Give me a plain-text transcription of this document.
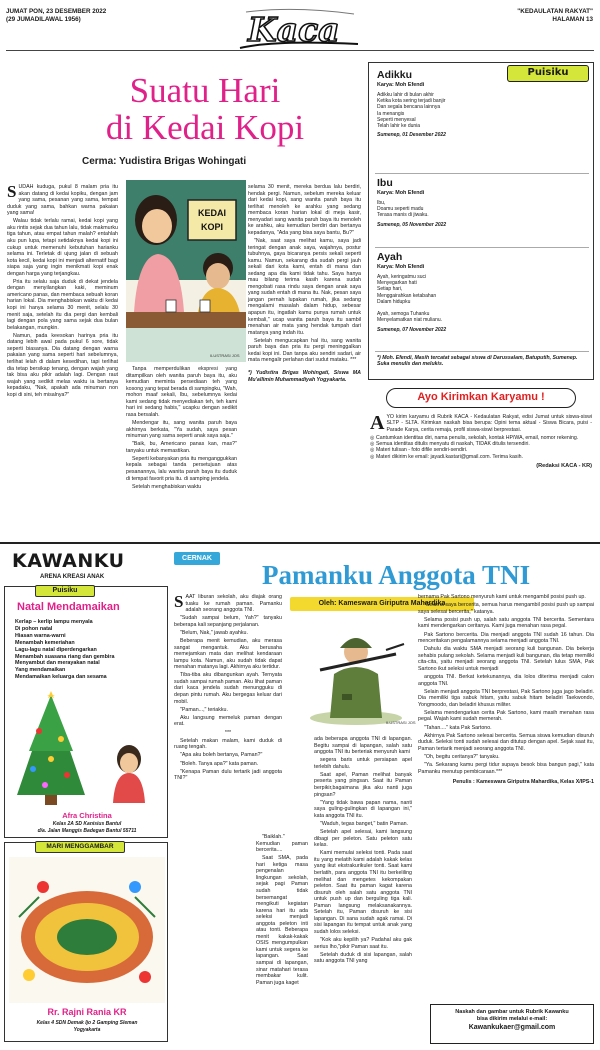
JUMAT PON, 23 DESEMBER 2022
(29 JUMADILAWAL 1956)	Kaca	"KEDAULATAN RAKYAT"
HALAMAN 13
Suatu Hari
di Kedai Kopi
Cerma: Yudistira Brigas Wohingati

SUDAH kuduga, pukul 8 malam pria itu akan datang di kedai kopiku, dengan jam yang sama, pesanan yang sama, tempat duduk yang sama, bahkan warna pakaian yang sama!

Walau tidak terlalu ramai, kedai kopi yang aku rintis sejak dua tahun lalu, tidak makmurku tiga tahun, atau empat tahun malah? entahlah aku pun lupa, tetapi setidaknya kedai kopi ini cukup untuk memenuhi kebutuhan harianku selama ini. Terletak di ujung jalan di sebuah kota kecil, kedai kopi ini menjadi alternatif bagi siapa saja yang ingin menikmati kopi enak dengan harga yang terjangkau.

Pria itu selalu saja duduk di dekat jendela dengan menyilangkan kaki, meminum americano panas, dan membaca sebuah koran harian lokal. Dia menghabiskan waktu di kedai kopi ini hanya selama 30 menit, selalu 30 menit saja, setelah itu dia pergi dan kembali lagi dengan pola yang sama sejak dua bulan belakangan, mungkin.

Namun, pada keesokan harinya pria itu datang lebih awal pada pukul 6 sore, tidak seperti biasanya. Dia datang dengan warna pakaian yang sama seperti hari sebelumnya, terlihat lelah di dalam kesedihan, tapi terlihat dia tetap bersikap tenang, dengan wajah yang tak bisa aku pikir adalah lagi. Dengan raut wajah yang sedikit melas waktu ia bertanya kepadaku, "Nak, apakah ada minuman non kopi di sini, teh misalnya?"

KEDAI
KOPI
ILUSTRASI JOS

Tanpa memperdulikan ekspresi yang ditampilkan oleh wanita paruh baya itu, aku kemudian meminta persediaan teh yang kosong yang tepat berada di sampingku, "Wah, mohon maaf sekali, Ibu, sebelumnya kedai kami sedang tidak menyediakan teh, teh kami hari ini sedang habis," ucapku dengan sedikit rasa bersalah.

Mendengar itu, sang wanita paruh baya akhirnya berkata, "Ya sudah, saya pesan minuman yang sama seperti anak saya saja."

"Baik, bu, Americano panas kan, mas?" tanyaku untuk memastikan.

Seperti kebanyakan pria itu menganggukkan kepala sebagai tanda persetujuan atas pesanannya, lalu wanita paruh baya itu duduk di tempat favorit pria itu. di samping jendela.

Setelah menghabiskan waktu

selama 30 menit, mereka berdua lalu berdiri, hendak pergi. Namun, sebelum mereka keluar dari kedai kopi, sang wanita paruh baya itu terlihat menoleh ke arahku yang sedang membaca koran harian lokal di meja kasir, menyadari sang wanita paruh baya itu menoleh ke arahku, aku kemudian berdiri dan bertanya kepadanya, "Ada yang bisa saya bantu, Bu?"

"Nak, saat saya melihat kamu, saya jadi teringat dengan anak saya, wajahnya, postur tubuhnya, gaya bicaranya persis sekali seperti kamu. Namun, sekarang dia sudah pergi jauh sekali dari kota kami, entah di mana dan sedang apa dia kami tidak tahu. Saya hanya mau bilang terima kasih karena sudah mengobati rasa rindu saya dengan anak saya yang sudah entah di mana itu. Nak, pesan saya jangan pernah lupakan rumah, jika sedang mengalami masalah dalam hidup, sebesar apapun itu, ingatlah kamu punya rumah untuk kembali," ucap wanita paruh baya itu sambil menahan air mata yang hendak tumpah dari matanya yang indah itu.

Setelah mengucapkan hal itu, sang wanita paruh baya dan pria itu pergi meninggalkan kedai kopi ini. Dan tanpa aku sendiri sadari, air mata mengalir perlahan dari sudut mataku. ***

*) Yudistira Brigas Wohingati, Siswa MA Mu'allimin Muhammadiyah Yogyakarta.

Puisiku
Adikku
Karya: Moh Efendi
Adikku lahir di bulan akhir
Ketika kota sering terjadi banjir
Dan segala bencana lainnya
Ia menangis
Seperti menyesal
Telah lahir ke dunia
Sumenep, 01 Desember 2022
Ibu
Karya: Moh Efendi
Ibu,
Doamu seperti madu
Terasa manis di jiwaku.
Sumenep, 05 November 2022
Ayah
Karya: Moh Efendi
Ayah, keringatmu suci
Menyegarkan hati
Setiap hari,
Menggairahkan ketabahan
Dalam hidupku
Ayah, semoga Tuhanku
Menyelamatkan niat mulianu.
Sumenep, 07 November 2022
*) Moh. Efendi, Masih tercatat sebagai siswa di Darussalam, Batuputih, Sumenep. Suka menulis dan melukis.
Ayo Kirimkan Karyamu !
AYO kirim karyamu di Rubrik KACA - Kedaulatan Rakyat, edisi Jumat untuk siswa-siswi SLTP - SLTA. Kirimkan naskah bisa berupa: Opini tema aktual - Siswa Bicara, puisi - Parade Karya, cerita remaja, profil siswa-siswi berprestasi.
◎ Cantumkan identitas diri, nama penulis, sekolah, kontak HP/WA, email, nomor rekening.
◎ Semua identitas ditulis menyatu di naskah, TIDAK ditulis tersendiri.
◎ Materi tulisan - foto difile sendiri-sendiri.
◎ Materi dikirim ke email: jayadi.kastari@gmail.com. Terima kasih.
(Redaksi KACA - KR)
KAWANKU
ARENA KREASI ANAK
Puisiku
Natal Mendamaikan
Kerlap – kerlip lampu menyala
Di pohon natal
Hiasan warna-warni
Menambah kemeriahan
Lagu-lagu natal diperdengarkan
Menambah suasana riang dan gembira
Menyambut dan merayakan natal
Yang mendamaikan
Mendamaikan keluarga dan sesama
Afra Christina
Kelas 2A SD Kanisius Bantul
d/a. Jalan Manggis Badegan Bantul 55711
MARI MENGGAMBAR
Rr. Rajni Rania KR
Kelas 4 SDN Demak Ijo 2 Gamping Sleman
Yogyakarta
CERNAK
Pamanku Anggota TNI
Oleh: Kameswara Giriputra Mahardika

SAAT liburan sekolah, aku diajak orang tuaku ke rumah paman. Pamanku adalah seorang anggota TNI.

"Sudah sampai belum, Yah?" tanyaku beberapa kali sepanjang perjalanan.

"Belum, Nak," jawab ayahku.

Beberapa menit kemudian, aku merasa sangat mengantuk. Aku berusaha memejamkan mata dan melihat kendaraan lampu kota. Namun, aku sudah tidak dapat menahan matanya lagi. Akhirnya aku tertidur.

Tiba-tiba aku dibangunkan ayah. Ternyata sudah sampai rumah paman. Aku lihat paman dari kaca jendela sudah menungguku di depan pintu rumah. Aku bergegas keluar dari mobil.

"Paman...," teriakku.

Aku langsung memeluk paman dengan erat.

***

Setelah makan malam, kami duduk di ruang tengah.

"Apa aku boleh bertanya, Paman?"

"Boleh. Tanya apa?" kata paman.

"Kenapa Paman dulu tertarik jadi anggota TNI?"

"Baiklah." Kemudian paman bercerita....

Saat SMA, pada hari ketiga masa pengenalan lingkungan sekolah, sejak pagi Paman sudah tidak bersemangat mengikuti kegiatan karena hari itu ada seleksi menjadi anggota peleton inti atau tonti. Beberapa menit kakak-kakak OSIS mengumpulkan kami untuk segera ke lapangan. Saat sampai di lapangan, sinar matahari terasa membakar kulit. Paman juga kaget

ILUSTRASI JOS

ada beberapa anggota TNI di lapangan. Begitu sampai di lapangan, salah satu anggota TNI itu berteriak menyuruh kami

segera baris untuk persiapan apel terlebih dahulu.

Saat apel, Paman melihat banyak peserta yang pingsan. Saat itu Paman berpikir,bagaimana jika aku nanti juga pingsan?

"Yang tidak bawa papan nama, nanti saya guling-gulingkan di lapangan ini," kata anggota TNI itu.

"Waduh, tegas banget," batin Paman.

Setelah apel selesai, kami langsung dibagi per peleton. Satu peleton satu kelas.

Kami memulai seleksi tonti. Pada saat itu yang melatih kami adalah kakak kelas yang ikut ekstrakurikuler tonti. Saat kami berlatih, para anggota TNI itu berkeliling melihat dan mengetes kekompakan peleton. Saat itu paman kagat karena disuruh oleh salah satu anggota TNI untuk push up dan berguling tiga kali. Paman langsung melaksanakannya. Setelah itu, Paman disuruh ke sisi lapangan. Di sana sudah agak ramai. Di sisi lapangan itu tempat untuk anak yang sudah lolos seleksi.

"Kok aku kepilih ya? Padahal aku gak serius lho,"pikir Paman saat itu.

Setelah duduk di sisi lapangan, salah satu anggota TNI yang

bernama Pak Sartono menyuruh kami untuk mengambil posisi push up.

"Selama saya bercerita, semua harus mengambil posisi push up sampai saya selesai bercerita," katanya.

Selama posisi push up, salah satu anggota TNI bercerita. Sementara kami mendengarkan ceritanya. Kami juga menahan rasa pegal.

Pak Sartono bercerita. Dia menjadi anggota TNI sudah 16 tahun. Dia menceritakan pengalamannya selama menjadi anggota TNI.

Dahulu dia waktu SMA menjadi seorang kuli bangunan. Dia bekerja sehabis pulang sekolah. Selama menjadi kuli bangunan, dia tetap memiliki cita-cita, yaitu menjadi seorang anggota TNI. Setelah lulus SMA, Pak Sartono ikut seleksi untuk menjadi

anggota TNI. Berkat ketekunannya, dia lolos diterima menjadi calon anggota TNI.

Selain menjadi anggota TNI berprestasi, Pak Sartono juga jago beladiri. Dia memiliki tiga sabuk hitam, yaitu sabuk hitam beladiri Taekwondo, Yongmoodo, dan beladiri khusus militer.

Selama mendengarkan cerita Pak Sartono, kami masih menahan rasa pegal. Wajah kami sudah memerah.

"Tahan...." kata Pak Sartono.

Akhirnya Pak Sartono selesai bercerita. Semua siswa kemudian disuruh duduk. Seleksi tonti sudah selesai dan ditutup dengan apel. Sejak saat itu, Paman tertarik menjadi seorang anggota TNI.

"Oh, begitu ceritanya?" tanyaku.

"Ya. Sekarang kamu pergi tidur supaya besok bisa bangun pagi," kata Pamanku menutup pembicaraan.***

Penulis : Kameswara Giriputra Mahardika, Kelas X/IPS-1

Naskah dan gambar untuk Rubrik Kawanku
bisa dikirim melalui e-mail:
Kawankukaer@gmail.com
